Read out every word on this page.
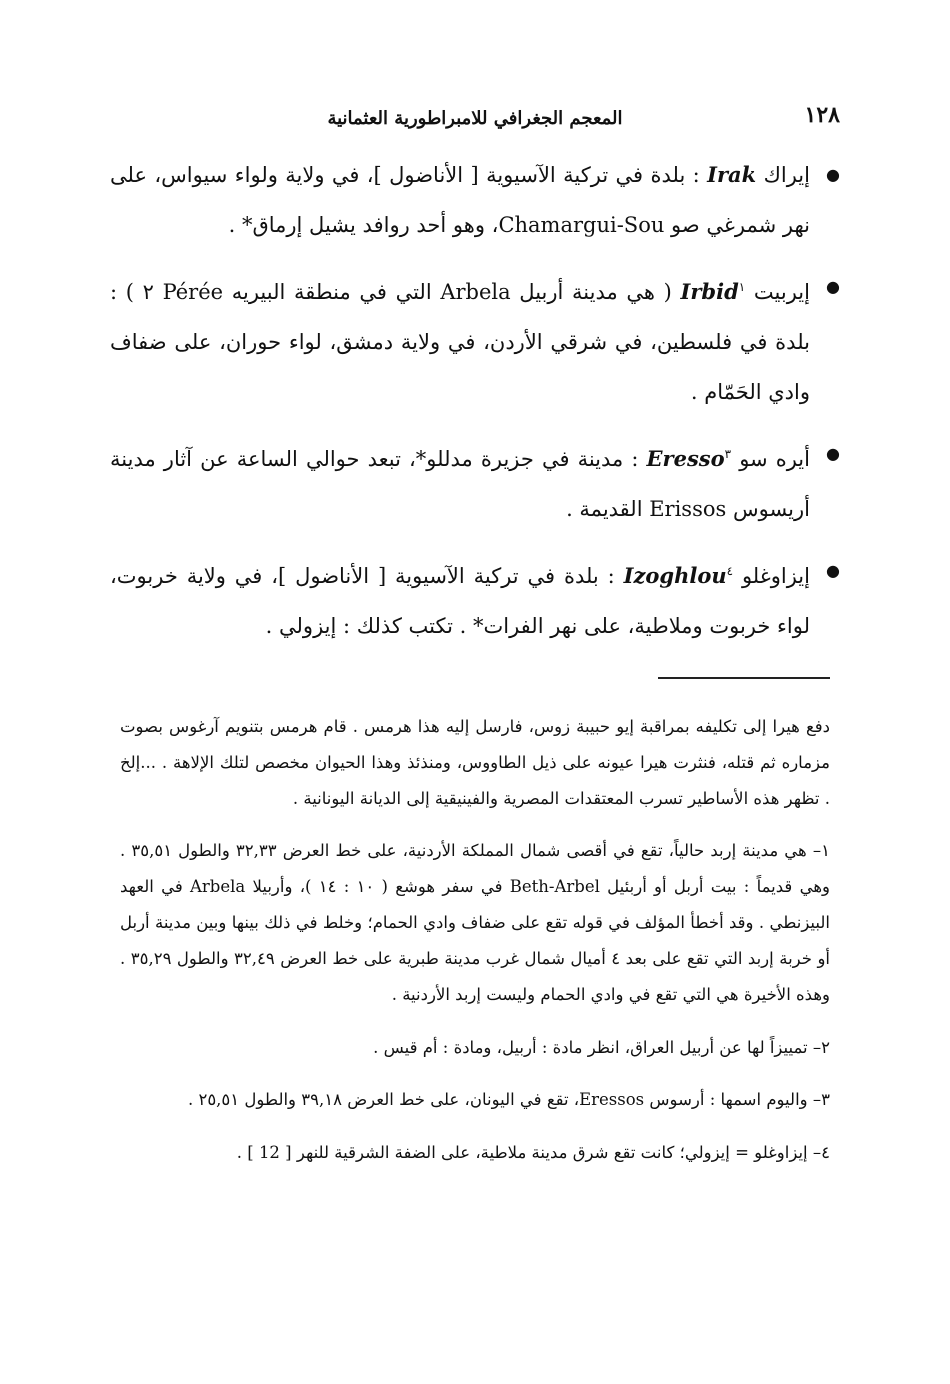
١٢٨
المعجم الجغرافي للامبراطورية العثمانية
●
إيراك Irak : بلدة في تركية الآسيوية [ الأناضول ]، في ولاية ولواء سيواس، على نهر شمرغي صو Chamargui-Sou، وهو أحد روافد يشيل إرماق* .
●
إيربيت Irbid$^١$ ( هي مدينة أربيل Arbela التي في منطقة البيريه Pérée ٢ ) : بلدة في فلسطين، في شرقي الأردن، في ولاية دمشق، لواء حوران، على ضفاف وادي الحَمّام .
●
أيره سو Eresso$^٣$ : مدينة في جزيرة مدللو*، تبعد حوالي الساعة عن آثار مدينة أريسوس Erissos القديمة .
●
إيزاوغلو Izoghlou$^٤$ : بلدة في تركية الآسيوية [ الأناضول ]، في ولاية خربوت، لواء خربوت وملاطية، على نهر الفرات* . تكتب كذلك : إيزولي .

دفع هيرا إلى تكليفه بمراقبة إيو حبيبة زوس، فارسل إليه هذا هرمس . قام هرمس بتنويم آرغوس بصوت مزماره ثم قتله، فنثرت هيرا عيونه على ذيل الطاووس، ومنذئذ وهذا الحيوان مخصص لتلك الإلاهة . ...إلخ . تظهر هذه الأساطير تسرب المعتقدات المصرية والفينيقية إلى الديانة اليونانية .

١– هي مدينة إربد حالياً، تقع في أقصى شمال المملكة الأردنية، على خط العرض ٣٢,٣٣ والطول ٣٥,٥١ . وهي قديماً : بيت أربل أو أربئيل Beth-Arbel في سفر هوشع ( ١٠ : ١٤ )، وأربيلا Arbela في العهد البيزنطي . وقد أخطأ المؤلف في قوله تقع على ضفاف وادي الحمام؛ وخلط في ذلك بينها وبين مدينة أربل أو خربة إربد التي تقع على بعد ٤ أميال شمال غرب مدينة طبرية على خط العرض ٣٢,٤٩ والطول ٣٥,٢٩ . وهذه الأخيرة هي التي تقع في وادي الحمام وليست إربد الأردنية .

٢– تمييزاً لها عن أربيل العراق، انظر مادة : أربيل، ومادة : أم قيس .

٣– واليوم اسمها : أرسوس Eressos، تقع في اليونان، على خط العرض ٣٩,١٨ والطول ٢٥,٥١ .

٤– إيزاوغلو = إيزولي؛ كانت تقع شرق مدينة ملاطية، على الضفة الشرقية للنهر [ 12 ] .
